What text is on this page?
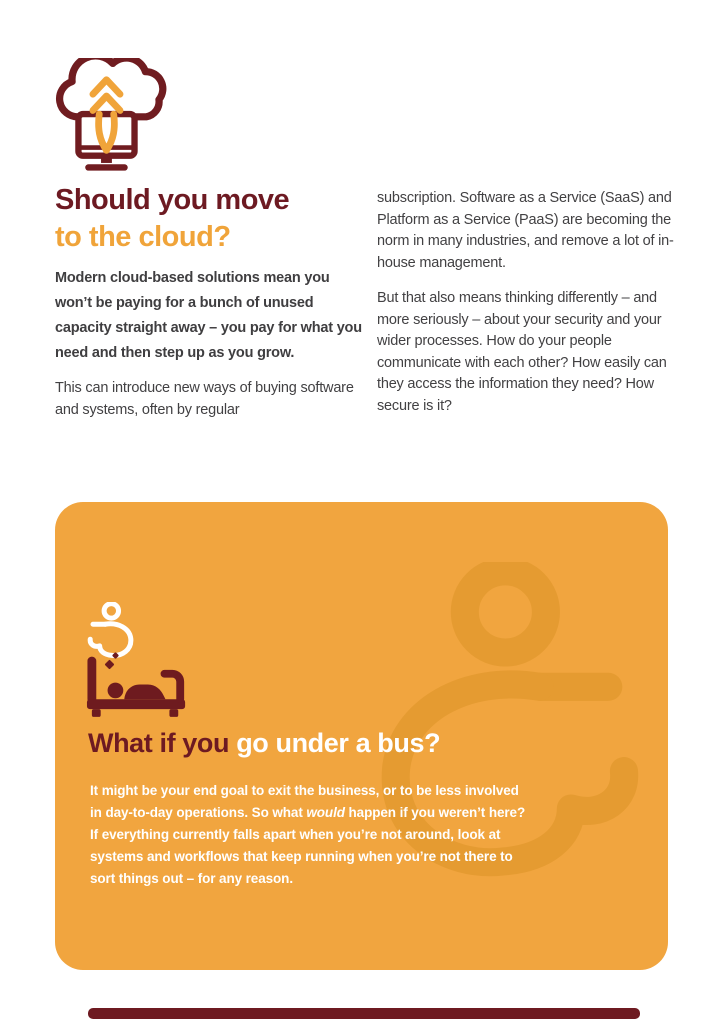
Should you move
to the cloud?

Modern cloud-based solutions mean you won’t be paying for a bunch of unused capacity straight away – you pay for what you need and then step up as you grow.

This can introduce new ways of buying software and systems, often by regular

subscription. Software as a Service (SaaS) and Platform as a Service (PaaS) are becoming the norm in many industries, and remove a lot of in-house management.

But that also means thinking differently – and more seriously – about your security and your wider processes. How do your people communicate with each other? How easily can they access the information they need? How secure is it?

What if you go under a bus?

It might be your end goal to exit the business, or to be less involved in day-to-day operations. So what would happen if you weren’t here? If everything currently falls apart when you’re not around, look at systems and workflows that keep running when you’re not there to sort things out – for any reason.
